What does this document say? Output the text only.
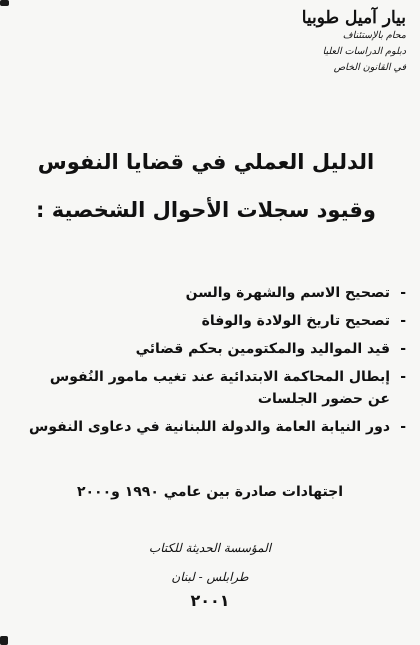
بيار آميل طوبيا
محام بالإستئناف
دبلوم الدراسات العليا
في القانون الخاص
الدليل العملي في قضايا النفوس
وقيود سجلات الأحوال الشخصية :
-
تصحيح الاسم والشهرة والسن
-
تصحيح تاريخ الولادة والوفاة
-
قيد المواليد والمكتومين بحكم قضائي
-
إبطال المحاكمة الابتدائية عند تغيب مامور النُفوس عن حضور الجلسات
-
دور النيابة العامة والدولة اللبنانية في دعاوى النفوس
اجتهادات صادرة بين عامي ١٩٩٠ و٢٠٠٠
المؤسسة الحديثة للكتاب
طرابلس - لبنان
٢٠٠١
